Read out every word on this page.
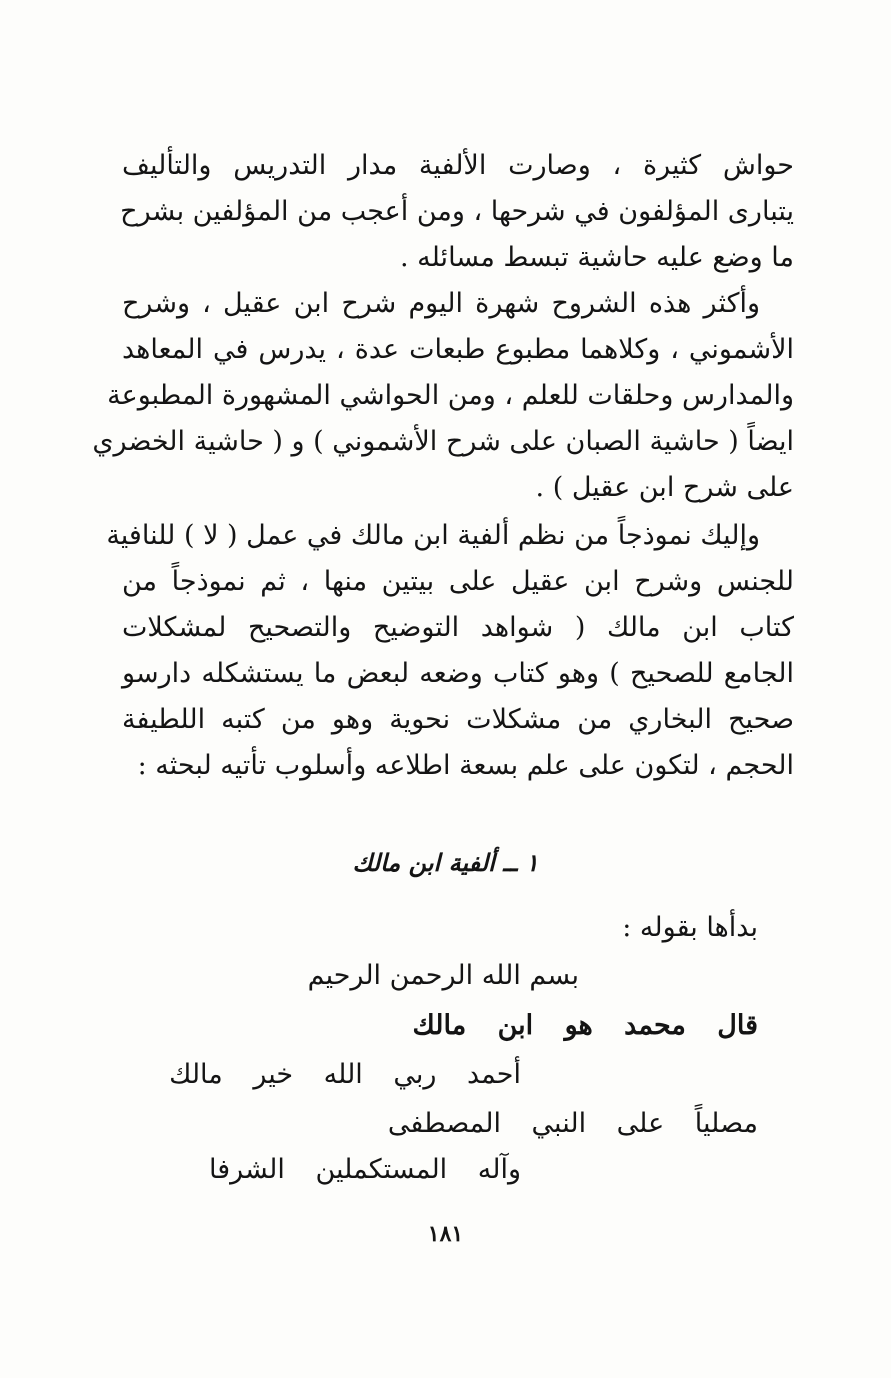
حواش كثيرة ، وصارت الألفية مدار التدريس والتأليف
يتبارى المؤلفون في شرحها ، ومن أعجب من المؤلفين بشرح
ما وضع عليه حاشية تبسط مسائله .
وأكثر هذه الشروح شهرة اليوم شرح ابن عقيل ، وشرح
الأشموني ، وكلاهما مطبوع طبعات عدة ، يدرس في المعاهد
والمدارس وحلقات للعلم ، ومن الحواشي المشهورة المطبوعة
ايضاً ( حاشية الصبان على شرح الأشموني ) و ( حاشية الخضري
على شرح ابن عقيل ) .
وإليك نموذجاً من نظم ألفية ابن مالك في عمل ( لا ) للنافية
للجنس وشرح ابن عقيل على بيتين منها ، ثم نموذجاً من
كتاب ابن مالك ( شواهد التوضيح والتصحيح لمشكلات
الجامع للصحيح ) وهو كتاب وضعه لبعض ما يستشكله دارسو
صحيح البخاري من مشكلات نحوية وهو من كتبه اللطيفة
الحجم ، لتكون على علم بسعة اطلاعه وأسلوب تأتيه لبحثه :
١ ــ ألفية ابن مالك
بدأها بقوله :
بسم الله الرحمن الرحيم
قال محمد هو ابن مالك
أحمد ربي الله خير مالك
مصلياً على النبي المصطفى
وآله المستكملين الشرفا
١٨١
